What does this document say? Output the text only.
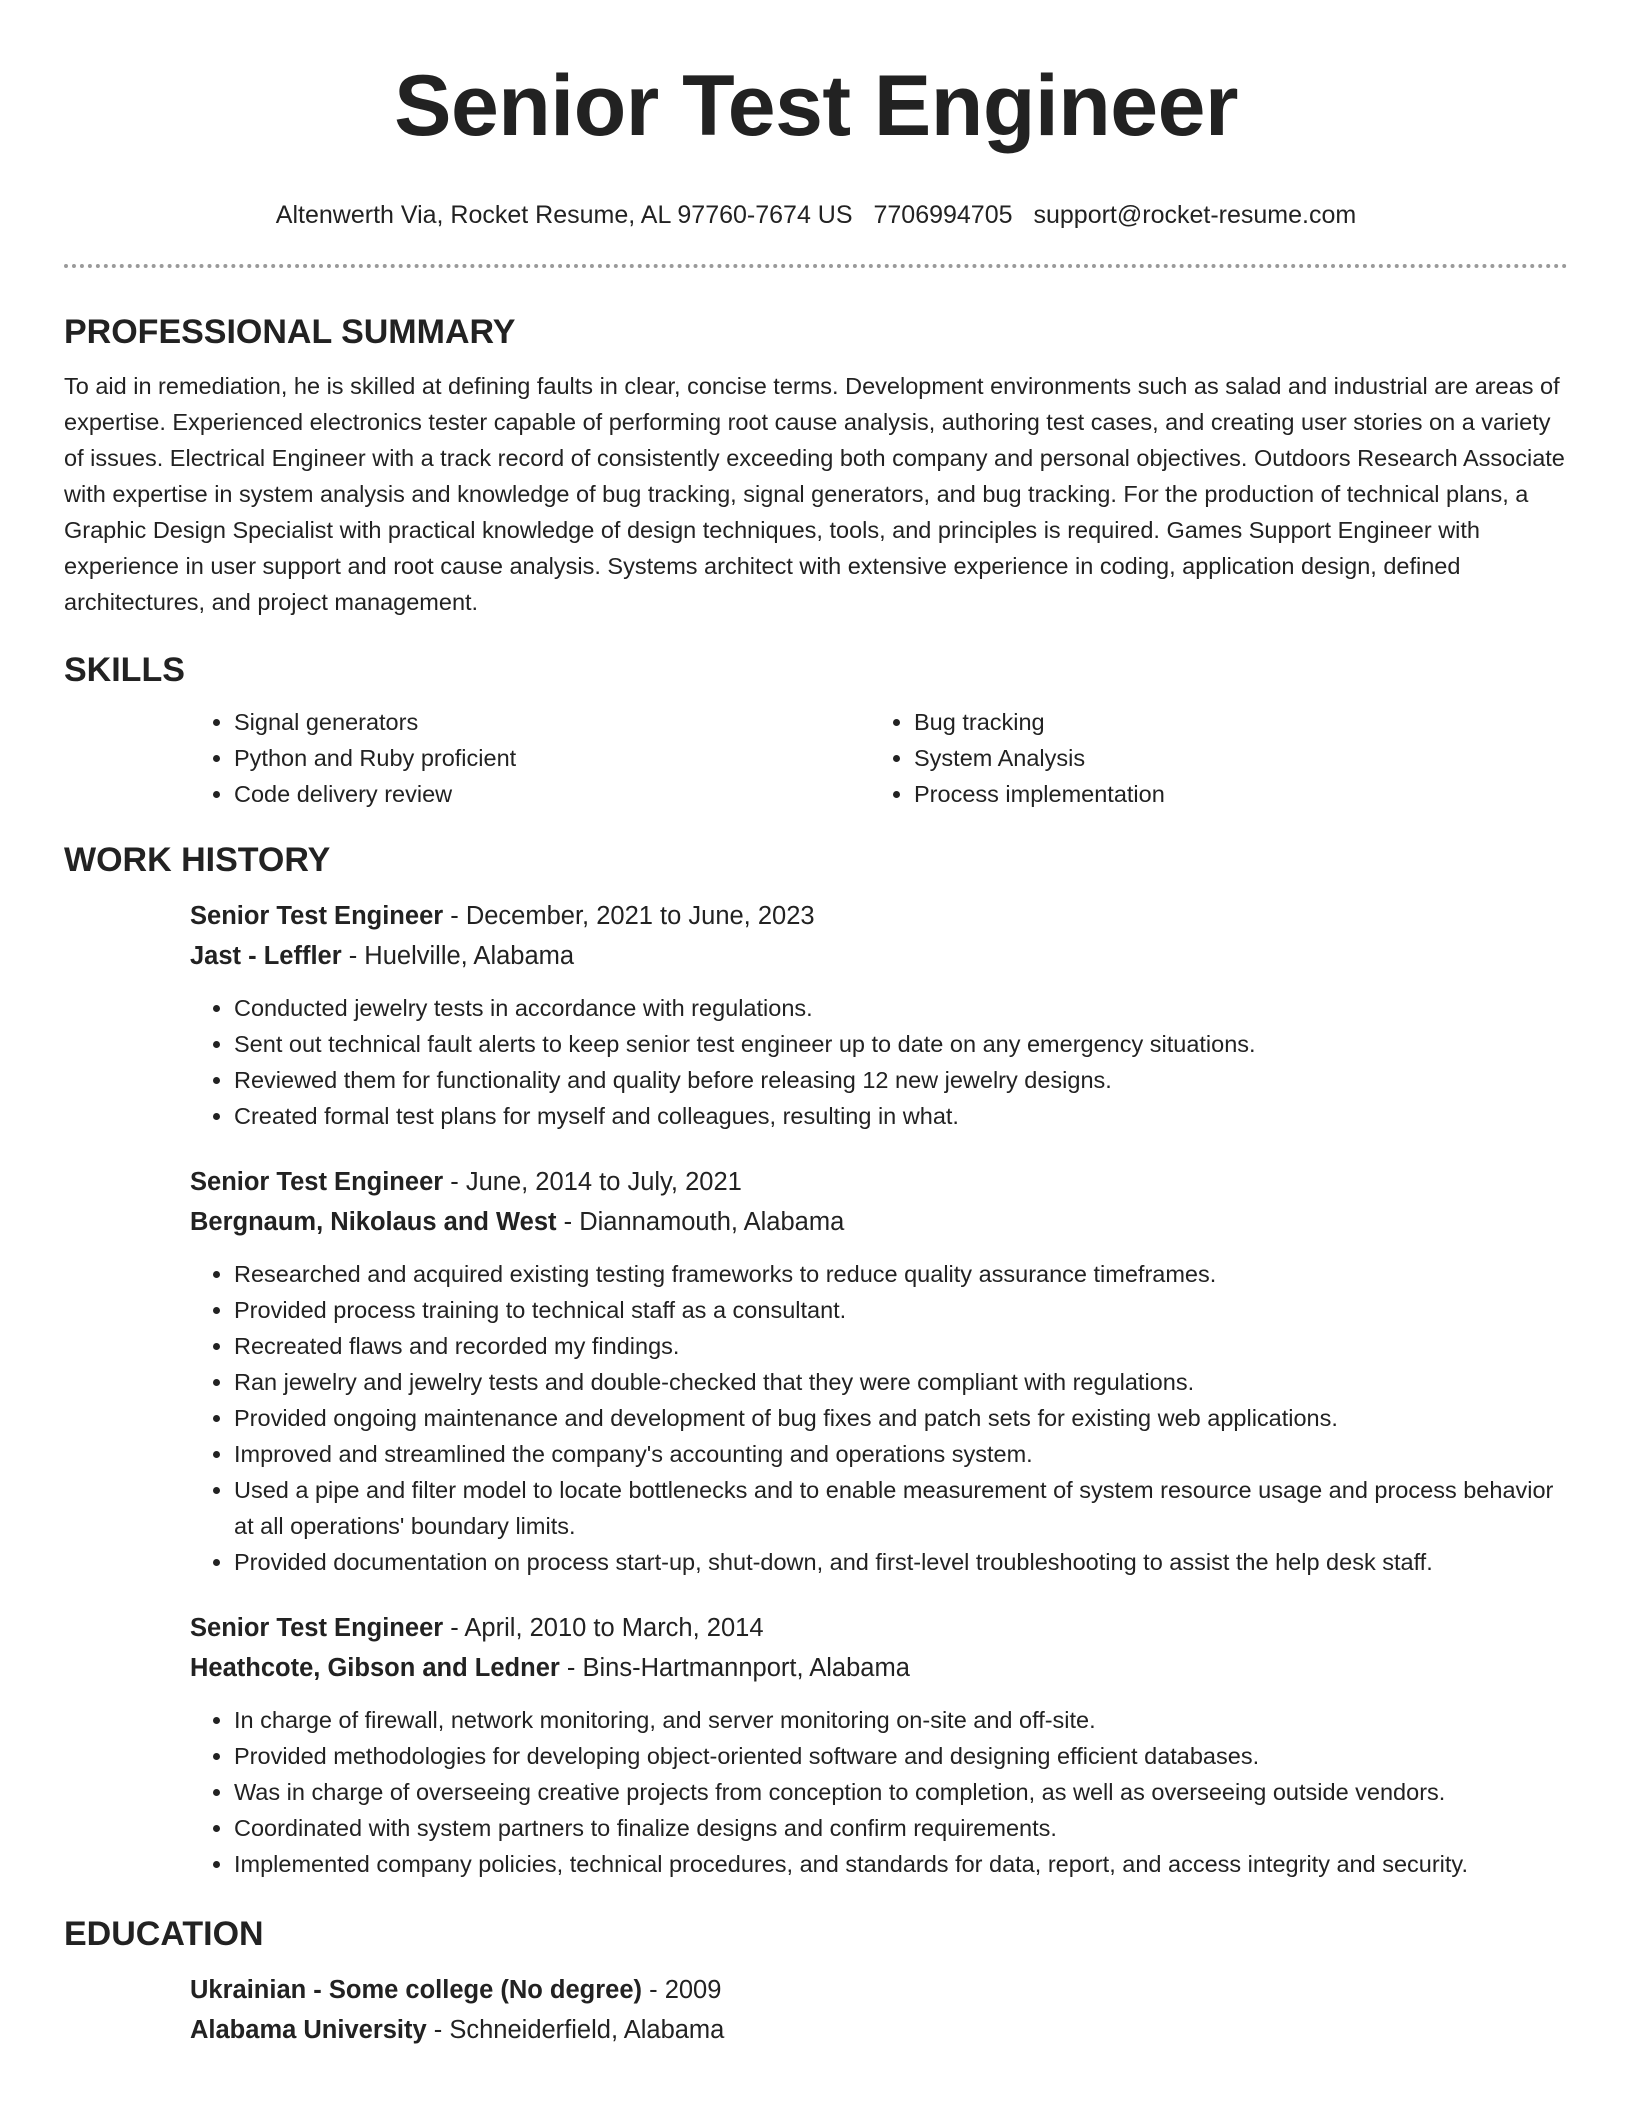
Senior Test Engineer
Altenwerth Via, Rocket Resume, AL 97760-7674 US 7706994705 support@rocket-resume.com
PROFESSIONAL SUMMARY

To aid in remediation, he is skilled at defining faults in clear, concise terms. Development environments such as salad and industrial are areas of expertise. Experienced electronics tester capable of performing root cause analysis, authoring test cases, and creating user stories on a variety of issues. Electrical Engineer with a track record of consistently exceeding both company and personal objectives. Outdoors Research Associate with expertise in system analysis and knowledge of bug tracking, signal generators, and bug tracking. For the production of technical plans, a Graphic Design Specialist with practical knowledge of design techniques, tools, and principles is required. Games Support Engineer with experience in user support and root cause analysis. Systems architect with extensive experience in coding, application design, defined architectures, and project management.

SKILLS
• Signal generators
• Python and Ruby proficient
• Code delivery review
• Bug tracking
• System Analysis
• Process implementation
WORK HISTORY
Senior Test Engineer - December, 2021 to June, 2023
Jast - Leffler - Huelville, Alabama
• Conducted jewelry tests in accordance with regulations.
• Sent out technical fault alerts to keep senior test engineer up to date on any emergency situations.
• Reviewed them for functionality and quality before releasing 12 new jewelry designs.
• Created formal test plans for myself and colleagues, resulting in what.
Senior Test Engineer - June, 2014 to July, 2021
Bergnaum, Nikolaus and West - Diannamouth, Alabama
• Researched and acquired existing testing frameworks to reduce quality assurance timeframes.
• Provided process training to technical staff as a consultant.
• Recreated flaws and recorded my findings.
• Ran jewelry and jewelry tests and double-checked that they were compliant with regulations.
• Provided ongoing maintenance and development of bug fixes and patch sets for existing web applications.
• Improved and streamlined the company's accounting and operations system.
• Used a pipe and filter model to locate bottlenecks and to enable measurement of system resource usage and process behavior at all operations' boundary limits.
• Provided documentation on process start-up, shut-down, and first-level troubleshooting to assist the help desk staff.
Senior Test Engineer - April, 2010 to March, 2014
Heathcote, Gibson and Ledner - Bins-Hartmannport, Alabama
• In charge of firewall, network monitoring, and server monitoring on-site and off-site.
• Provided methodologies for developing object-oriented software and designing efficient databases.
• Was in charge of overseeing creative projects from conception to completion, as well as overseeing outside vendors.
• Coordinated with system partners to finalize designs and confirm requirements.
• Implemented company policies, technical procedures, and standards for data, report, and access integrity and security.
EDUCATION
Ukrainian - Some college (No degree) - 2009
Alabama University - Schneiderfield, Alabama
